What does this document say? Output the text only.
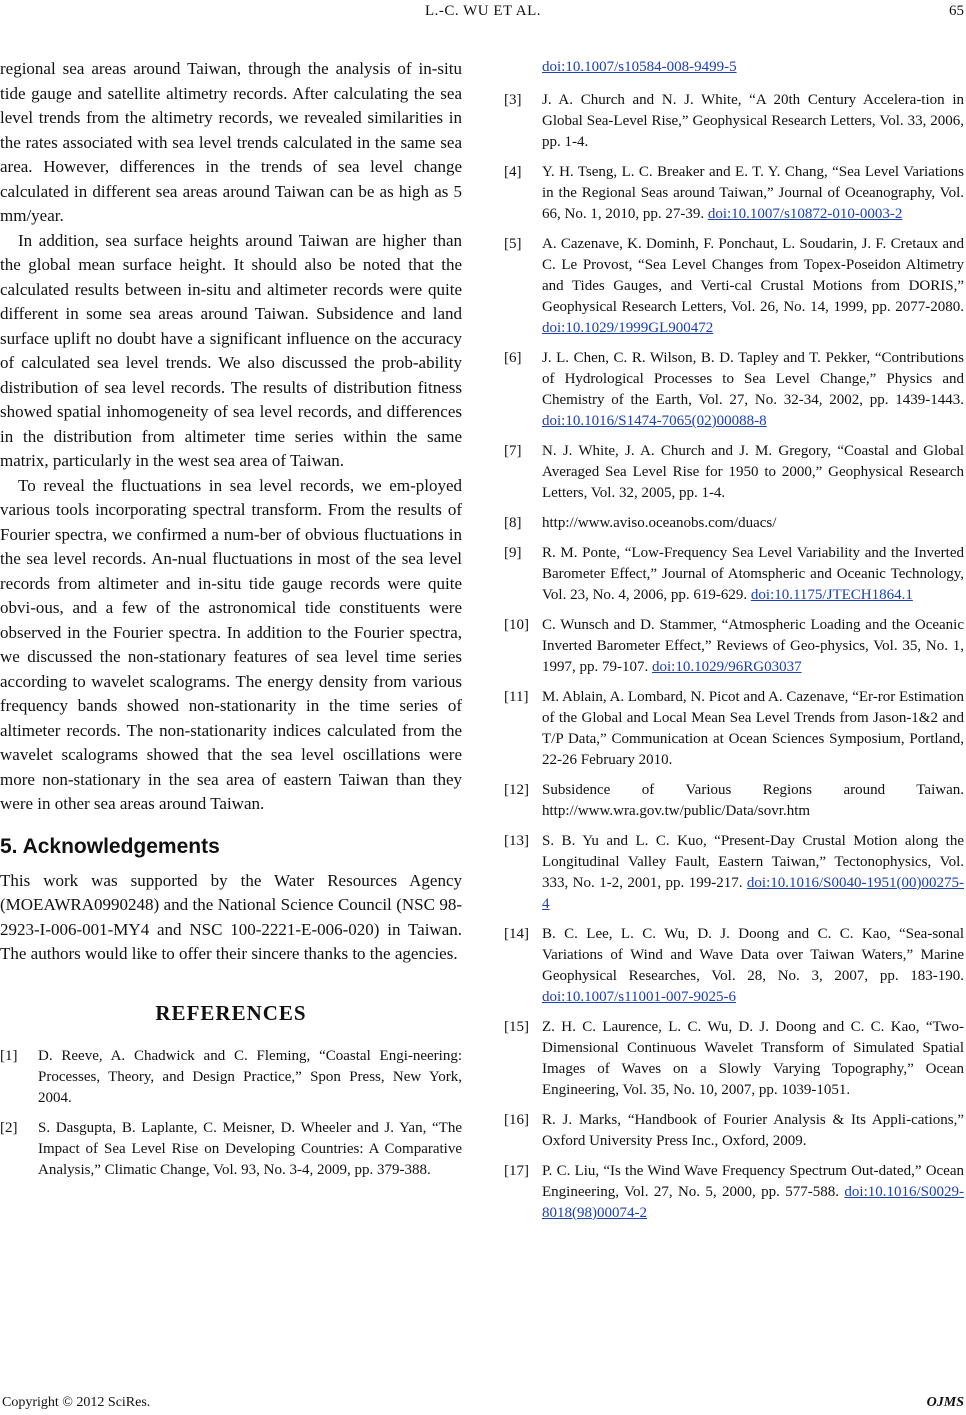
L.-C. WU ET AL.	65

regional sea areas around Taiwan, through the analysis of in-situ tide gauge and satellite altimetry records. After calculating the sea level trends from the altimetry records, we revealed similarities in the rates associated with sea level trends calculated in the same sea area. However, differences in the trends of sea level change calculated in different sea areas around Taiwan can be as high as 5 mm/year.

In addition, sea surface heights around Taiwan are higher than the global mean surface height. It should also be noted that the calculated results between in-situ and altimeter records were quite different in some sea areas around Taiwan. Subsidence and land surface uplift no doubt have a significant influence on the accuracy of calculated sea level trends. We also discussed the prob-ability distribution of sea level records. The results of distribution fitness showed spatial inhomogeneity of sea level records, and differences in the distribution from altimeter time series within the same matrix, particularly in the west sea area of Taiwan.

To reveal the fluctuations in sea level records, we em-ployed various tools incorporating spectral transform. From the results of Fourier spectra, we confirmed a num-ber of obvious fluctuations in the sea level records. An-nual fluctuations in most of the sea level records from altimeter and in-situ tide gauge records were quite obvi-ous, and a few of the astronomical tide constituents were observed in the Fourier spectra. In addition to the Fourier spectra, we discussed the non-stationary features of sea level time series according to wavelet scalograms. The energy density from various frequency bands showed non-stationarity in the time series of altimeter records. The non-stationarity indices calculated from the wavelet scalograms showed that the sea level oscillations were more non-stationary in the sea area of eastern Taiwan than they were in other sea areas around Taiwan.

5. Acknowledgements

This work was supported by the Water Resources Agency (MOEAWRA0990248) and the National Science Council (NSC 98-2923-I-006-001-MY4 and NSC 100-2221-E-006-020) in Taiwan. The authors would like to offer their sincere thanks to the agencies.

REFERENCES
[1]	D. Reeve, A. Chadwick and C. Fleming, “Coastal Engi-neering: Processes, Theory, and Design Practice,” Spon Press, New York, 2004.
[2]	S. Dasgupta, B. Laplante, C. Meisner, D. Wheeler and J. Yan, “The Impact of Sea Level Rise on Developing Countries: A Comparative Analysis,” Climatic Change, Vol. 93, No. 3-4, 2009, pp. 379-388.
doi:10.1007/s10584-008-9499-5
[3]	J. A. Church and N. J. White, “A 20th Century Accelera-tion in Global Sea-Level Rise,” Geophysical Research Letters, Vol. 33, 2006, pp. 1-4.
[4]	Y. H. Tseng, L. C. Breaker and E. T. Y. Chang, “Sea Level Variations in the Regional Seas around Taiwan,” Journal of Oceanography, Vol. 66, No. 1, 2010, pp. 27-39. doi:10.1007/s10872-010-0003-2
[5]	A. Cazenave, K. Dominh, F. Ponchaut, L. Soudarin, J. F. Cretaux and C. Le Provost, “Sea Level Changes from Topex-Poseidon Altimetry and Tides Gauges, and Verti-cal Crustal Motions from DORIS,” Geophysical Research Letters, Vol. 26, No. 14, 1999, pp. 2077-2080. doi:10.1029/1999GL900472
[6]	J. L. Chen, C. R. Wilson, B. D. Tapley and T. Pekker, “Contributions of Hydrological Processes to Sea Level Change,” Physics and Chemistry of the Earth, Vol. 27, No. 32-34, 2002, pp. 1439-1443. doi:10.1016/S1474-7065(02)00088-8
[7]	N. J. White, J. A. Church and J. M. Gregory, “Coastal and Global Averaged Sea Level Rise for 1950 to 2000,” Geophysical Research Letters, Vol. 32, 2005, pp. 1-4.
[8]	http://www.aviso.oceanobs.com/duacs/
[9]	R. M. Ponte, “Low-Frequency Sea Level Variability and the Inverted Barometer Effect,” Journal of Atomspheric and Oceanic Technology, Vol. 23, No. 4, 2006, pp. 619-629. doi:10.1175/JTECH1864.1
[10] C. Wunsch and D. Stammer, “Atmospheric Loading and the Oceanic Inverted Barometer Effect,” Reviews of Geo-physics, Vol. 35, No. 1, 1997, pp. 79-107. doi:10.1029/96RG03037
[11] M. Ablain, A. Lombard, N. Picot and A. Cazenave, “Er-ror Estimation of the Global and Local Mean Sea Level Trends from Jason-1&2 and T/P Data,” Communication at Ocean Sciences Symposium, Portland, 22-26 February 2010.
[12] Subsidence of Various Regions around Taiwan. http://www.wra.gov.tw/public/Data/sovr.htm
[13] S. B. Yu and L. C. Kuo, “Present-Day Crustal Motion along the Longitudinal Valley Fault, Eastern Taiwan,” Tectonophysics, Vol. 333, No. 1-2, 2001, pp. 199-217. doi:10.1016/S0040-1951(00)00275-4
[14] B. C. Lee, L. C. Wu, D. J. Doong and C. C. Kao, “Sea-sonal Variations of Wind and Wave Data over Taiwan Waters,” Marine Geophysical Researches, Vol. 28, No. 3, 2007, pp. 183-190. doi:10.1007/s11001-007-9025-6
[15] Z. H. C. Laurence, L. C. Wu, D. J. Doong and C. C. Kao, “Two-Dimensional Continuous Wavelet Transform of Simulated Spatial Images of Waves on a Slowly Varying Topography,” Ocean Engineering, Vol. 35, No. 10, 2007, pp. 1039-1051.
[16] R. J. Marks, “Handbook of Fourier Analysis & Its Appli-cations,” Oxford University Press Inc., Oxford, 2009.
[17] P. C. Liu, “Is the Wind Wave Frequency Spectrum Out-dated,” Ocean Engineering, Vol. 27, No. 5, 2000, pp. 577-588. doi:10.1016/S0029-8018(98)00074-2
Copyright © 2012 SciRes.	OJMS
